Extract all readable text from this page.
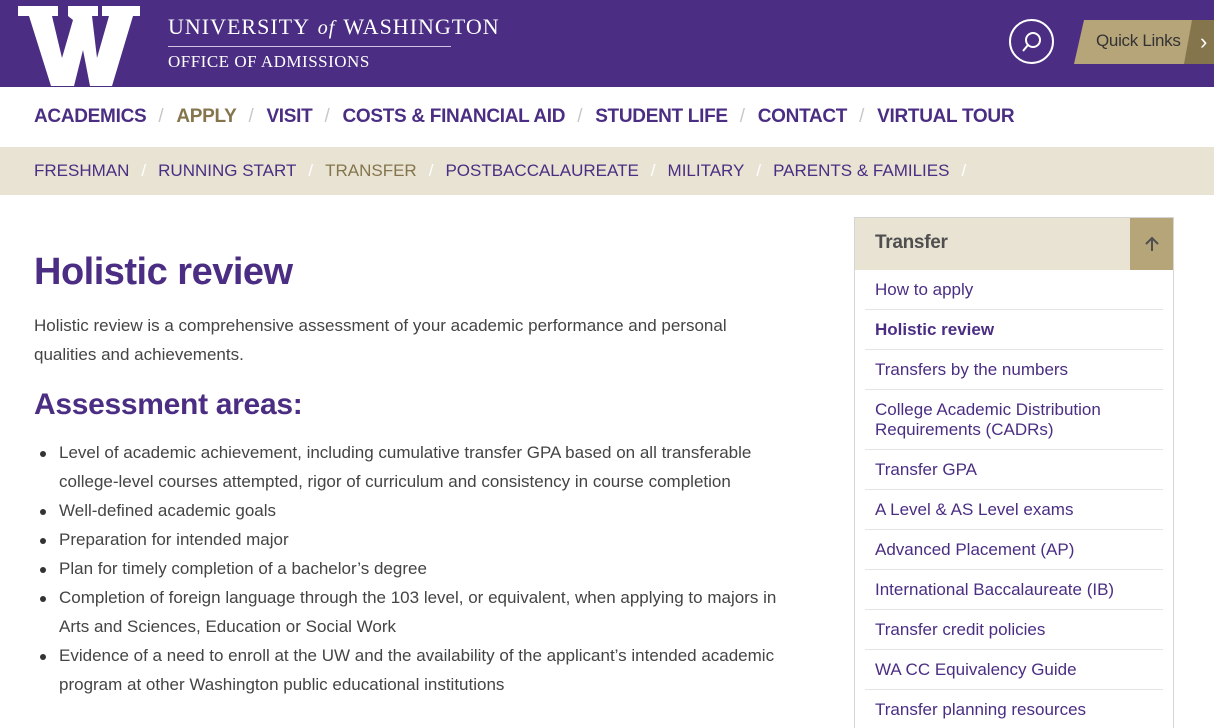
UNIVERSITY of WASHINGTON
OFFICE OF ADMISSIONS
Quick Links ›
ACADEMICS / APPLY / VISIT / COSTS & FINANCIAL AID / STUDENT LIFE / CONTACT / VIRTUAL TOUR
FRESHMAN / RUNNING START / TRANSFER / POSTBACCALAUREATE / MILITARY / PARENTS & FAMILIES /
Holistic review

Holistic review is a comprehensive assessment of your academic performance and personal qualities and achievements.

Assessment areas:
Level of academic achievement, including cumulative transfer GPA based on all transferable college-level courses attempted, rigor of curriculum and consistency in course completion
Well-defined academic goals
Preparation for intended major
Plan for timely completion of a bachelor’s degree
Completion of foreign language through the 103 level, or equivalent, when applying to majors in Arts and Sciences, Education or Social Work
Evidence of a need to enroll at the UW and the availability of the applicant’s intended academic program at other Washington public educational institutions
Transfer
How to apply
Holistic review
Transfers by the numbers
College Academic Distribution Requirements (CADRs)
Transfer GPA
A Level & AS Level exams
Advanced Placement (AP)
International Baccalaureate (IB)
Transfer credit policies
WA CC Equivalency Guide
Transfer planning resources
